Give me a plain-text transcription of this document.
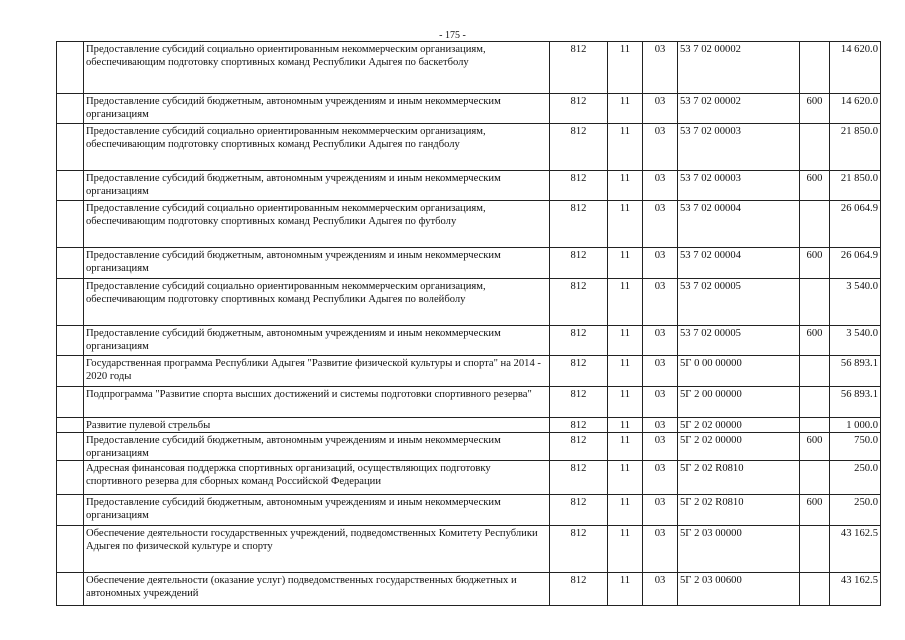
- 175 -
	Предоставление субсидий социально ориентированным некоммерческим организациям, обеспечивающим подготовку спортивных команд Республики Адыгея по баскетболу	812	11	03	53 7 02 00002		14 620.0
	Предоставление субсидий бюджетным, автономным учреждениям и иным некоммерческим организациям	812	11	03	53 7 02 00002	600	14 620.0
	Предоставление субсидий социально ориентированным некоммерческим организациям, обеспечивающим подготовку спортивных команд Республики Адыгея по гандболу	812	11	03	53 7 02 00003		21 850.0
	Предоставление субсидий бюджетным, автономным учреждениям и иным некоммерческим организациям	812	11	03	53 7 02 00003	600	21 850.0
	Предоставление субсидий социально ориентированным некоммерческим организациям, обеспечивающим подготовку спортивных команд Республики Адыгея по футболу	812	11	03	53 7 02 00004		26 064.9
	Предоставление субсидий бюджетным, автономным учреждениям и иным некоммерческим организациям	812	11	03	53 7 02 00004	600	26 064.9
	Предоставление субсидий социально ориентированным некоммерческим организациям, обеспечивающим подготовку спортивных команд Республики Адыгея по волейболу	812	11	03	53 7 02 00005		3 540.0
	Предоставление субсидий бюджетным, автономным учреждениям и иным некоммерческим организациям	812	11	03	53 7 02 00005	600	3 540.0
	Государственная программа Республики Адыгея "Развитие физической культуры и спорта" на 2014 - 2020 годы	812	11	03	5Г 0 00 00000		56 893.1
	Подпрограмма "Развитие спорта высших достижений и системы подготовки спортивного резерва"	812	11	03	5Г 2 00 00000		56 893.1
	Развитие пулевой стрельбы	812	11	03	5Г 2 02 00000		1 000.0
	Предоставление субсидий бюджетным, автономным учреждениям и иным некоммерческим организациям	812	11	03	5Г 2 02 00000	600	750.0
	Адресная финансовая поддержка спортивных организаций, осуществляющих подготовку спортивного резерва для сборных команд Российской Федерации	812	11	03	5Г 2 02 R0810		250.0
	Предоставление субсидий бюджетным, автономным учреждениям и иным некоммерческим организациям	812	11	03	5Г 2 02 R0810	600	250.0
	Обеспечение деятельности государственных учреждений, подведомственных Комитету Республики Адыгея по физической культуре и спорту	812	11	03	5Г 2 03 00000		43 162.5
	Обеспечение деятельности (оказание услуг) подведомственных государственных бюджетных и автономных учреждений	812	11	03	5Г 2 03 00600		43 162.5
